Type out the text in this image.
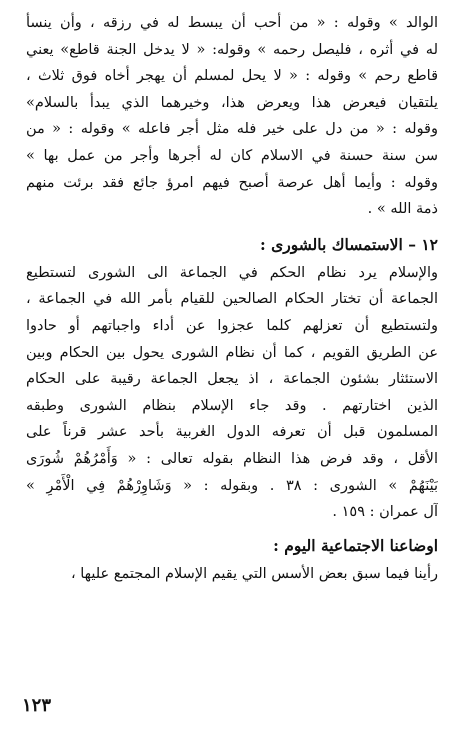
الوالد » وقوله : « من أحب أن يبسط له في رزقه ، وأن ينسأ
له في أثره ، فليصل رحمه » وقوله: « لا يدخل الجنة قاطع» يعني
قاطع رحم » وقوله : « لا يحل لمسلم أن يهجر أخاه فوق ثلاث ،
يلتقيان فيعرض هذا ويعرض هذا، وخيرهما الذي يبدأ بالسلام»
وقوله : « من دل على خير فله مثل أجر فاعله » وقوله : « من
سن سنة حسنة في الاسلام كان له أجرها وأجر من عمل بها »
وقوله : وأيما أهل عرصة أصبح فيهم امرؤ جائع فقد برئت منهم
ذمة الله » .
١٢ – الاستمساك بالشورى :
والإسلام يرد نظام الحكم في الجماعة الى الشورى لتستطيع
الجماعة أن تختار الحكام الصالحين للقيام بأمر الله في الجماعة ،
ولتستطيع أن تعزلهم كلما عجزوا عن أداء واجباتهم أو حادوا
عن الطريق القويم ، كما أن نظام الشورى يحول بين الحكام وبين
الاستئثار بشئون الجماعة ، اذ يجعل الجماعة رقيبة على الحكام
الذين اختارتهم . وقد جاء الإسلام بنظام الشورى وطبقه
المسلمون قبل أن تعرفه الدول الغربية بأحد عشر قرناً على
الأقل ، وقد فرض هذا النظام بقوله تعالى : « وَأَمْرُهُمْ شُورَى
بَيْنَهُمْ » الشورى : ٣٨ . وبقوله : « وَشَاوِرْهُمْ فِي الْأَمْرِ »
آل عمران : ١٥٩ .
اوضاعنا الاجتماعية اليوم :
رأينا فيما سبق بعض الأسس التي يقيم الإسلام المجتمع عليها ،
١٢٣
